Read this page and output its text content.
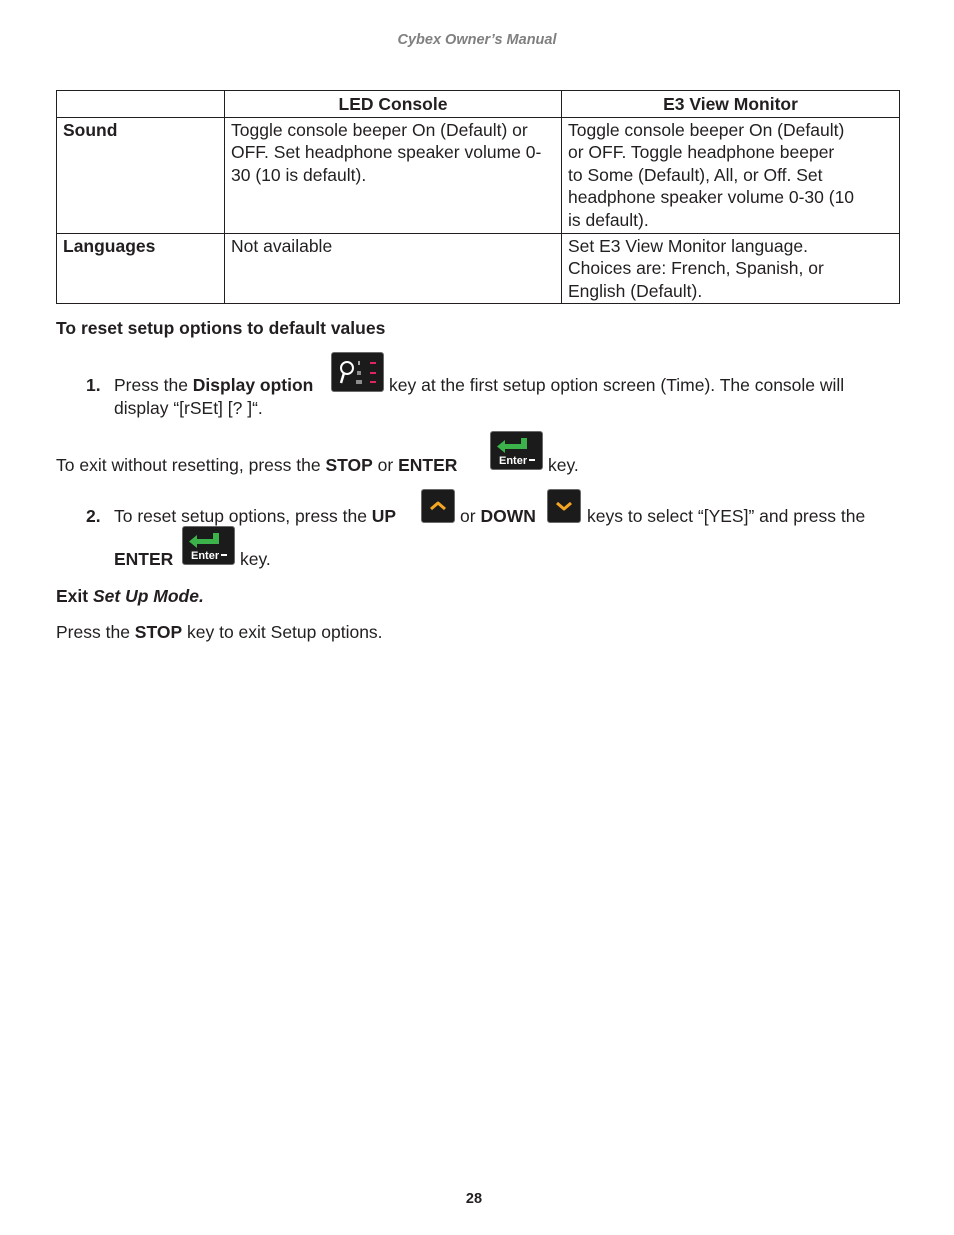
Cybex Owner’s Manual
	LED Console	E3 View Monitor
Sound	Toggle console beeper On (Default) or OFF. Set headphone speaker volume 0-30 (10 is default).	Toggle console beeper On (Default)
or OFF. Toggle headphone beeper
to Some (Default), All, or Off. Set
headphone speaker volume 0-30 (10
is default).

Languages	Not available	Set E3 View Monitor language.
Choices are: French, Spanish, or
English (Default).
To reset setup options to default values
1. Press the Display option	key at the first setup option screen (Time). The console will
display “[rSEt] [? ]“.
To exit without resetting, press the STOP or ENTER	Enter key.
2. To reset setup options, press the UP	or DOWN	keys to select “[YES]” and press the
ENTER Enter key.
Exit Set Up Mode.
Press the STOP key to exit Setup options.
28
